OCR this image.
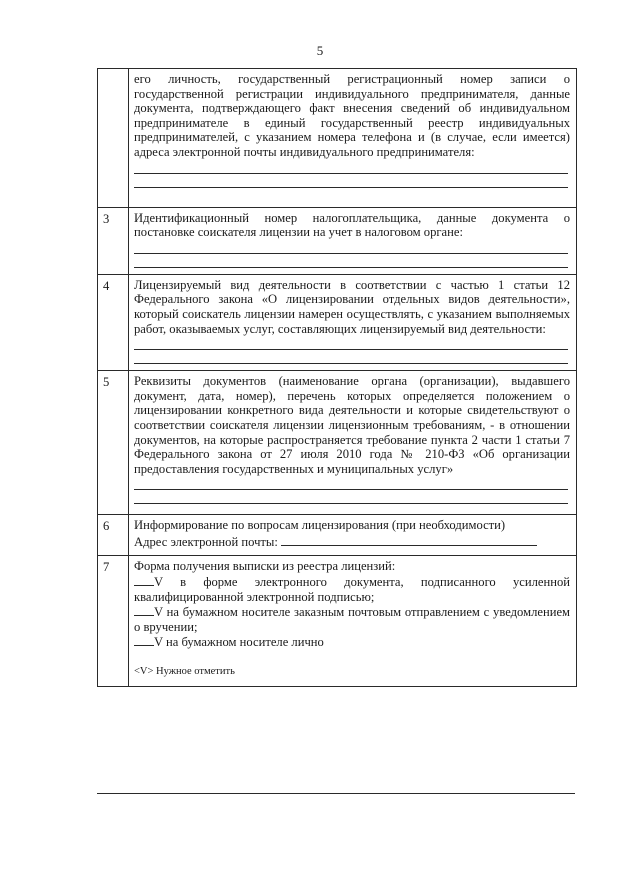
5

	его личность, государственный регистрационный номер записи о государственной регистрации индивидуального предпринимателя, данные документа, подтверждающего факт внесения сведений об индивидуальном предпринимателе в единый государственный реестр индивидуальных предпринимателей, с указанием номера телефона и (в случае, если имеется) адреса электронной почты индивидуального предпринимателя:

3	Идентификационный номер налогоплательщика, данные документа о постановке соискателя лицензии на учет в налоговом органе:

4	Лицензируемый вид деятельности в соответствии с частью 1 статьи 12 Федерального закона «О лицензировании отдельных видов деятельности», который соискатель лицензии намерен осуществлять, с указанием выполняемых работ, оказываемых услуг, составляющих лицензируемый вид деятельности:

5	Реквизиты документов (наименование органа (организации), выдавшего документ, дата, номер), перечень которых определяется положением о лицензировании конкретного вида деятельности и которые свидетельствуют о соответствии соискателя лицензии лицензионным требованиям, - в отношении документов, на которые распространяется требование пункта 2 части 1 статьи 7 Федерального закона от 27 июля 2010 года № 210-ФЗ «Об организации предоставления государственных и муниципальных услуг»

6	Информирование по вопросам лицензирования (при необходимости)
Адрес электронной почты:

7	Форма получения выписки из реестра лицензий:
V в форме электронного документа, подписанного усиленной квалифицированной электронной подписью;
V на бумажном носителе заказным почтовым отправлением с уведомлением о вручении;
V на бумажном носителе лично
<V> Нужное отметить
